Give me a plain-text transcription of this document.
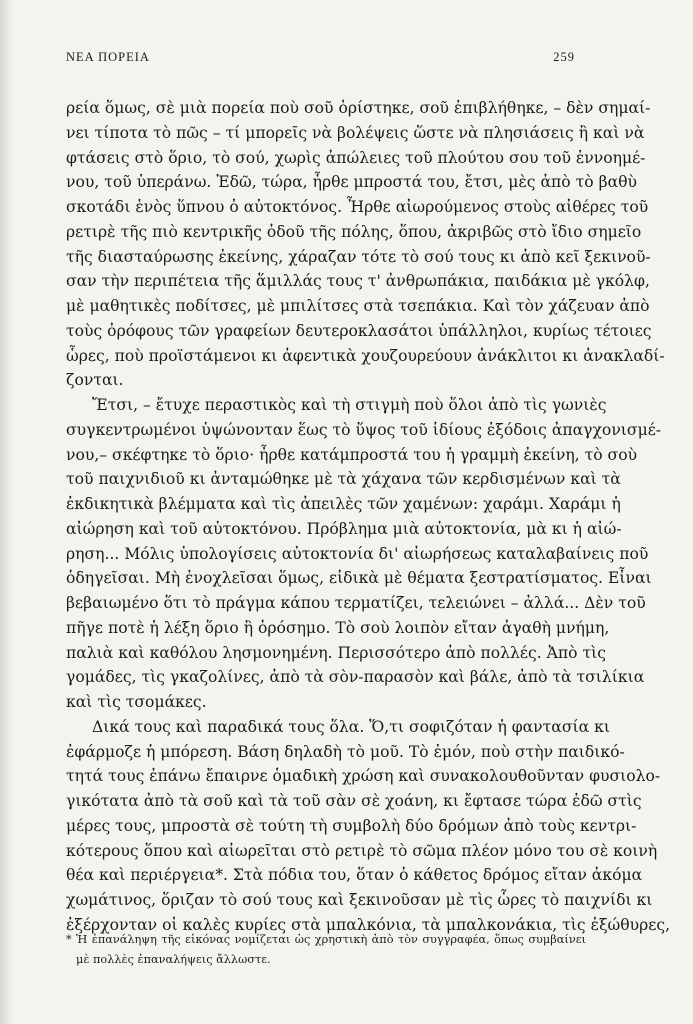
ΝΕΑ ΠΟΡΕΙΑ	259
ρεία ὅμως, σὲ μιὰ πορεία ποὺ σοῦ ὁρίστηκε, σοῦ ἐπιβλήθηκε, – δὲν σημαί-
νει τίποτα τὸ πῶς – τί μπορεῖς νὰ βολέψεις ὥστε νὰ πλησιάσεις ἢ καὶ νὰ
φτάσεις στὸ ὅριο, τὸ σού, χωρὶς ἀπώλειες τοῦ πλούτου σου τοῦ ἐννοημέ-
νου, τοῦ ὑπεράνω. Ἐδῶ, τώρα, ἦρθε μπροστά του, ἔτσι, μὲς ἀπὸ τὸ βαθὺ
σκοτάδι ἑνὸς ὕπνου ὁ αὐτοκτόνος. Ἦρθε αἰωρούμενος στοὺς αἰθέρες τοῦ
ρετιρὲ τῆς πιὸ κεντρικῆς ὁδοῦ τῆς πόλης, ὅπου, ἀκριβῶς στὸ ἴδιο σημεῖο
τῆς διασταύρωσης ἐκείνης, χάραζαν τότε τὸ σού τους κι ἀπὸ κεῖ ξεκινοῦ-
σαν τὴν περιπέτεια τῆς ἅμιλλάς τους τ' ἀνθρωπάκια, παιδάκια μὲ γκόλφ,
μὲ μαθητικὲς ποδίτσες, μὲ μπιλίτσες στὰ τσεπάκια. Καὶ τὸν χάζευαν ἀπὸ
τοὺς ὀρόφους τῶν γραφείων δευτεροκλασάτοι ὑπάλληλοι, κυρίως τέτοιες
ὧρες, ποὺ προϊστάμενοι κι ἀφεντικὰ χουζουρεύουν ἀνάκλιτοι κι ἀνακλαδί-
ζονται.
Ἔτσι, – ἔτυχε περαστικὸς καὶ τὴ στιγμὴ ποὺ ὅλοι ἀπὸ τὶς γωνιὲς
συγκεντρωμένοι ὑψώνονταν ἕως τὸ ὕψος τοῦ ἰδίους ἐξόδοις ἀπαγχονισμέ-
νου,– σκέφτηκε τὸ ὅριο· ἦρθε κατάμπροστά του ἡ γραμμὴ ἐκείνη, τὸ σοὺ
τοῦ παιχνιδιοῦ κι ἀνταμώθηκε μὲ τὰ χάχανα τῶν κερδισμένων καὶ τὰ
ἐκδικητικὰ βλέμματα καὶ τὶς ἀπειλὲς τῶν χαμένων: χαράμι. Χαράμι ἡ
αἰώρηση καὶ τοῦ αὐτοκτόνου. Πρόβλημα μιὰ αὐτοκτονία, μὰ κι ἡ αἰώ-
ρηση... Μόλις ὑπολογίσεις αὐτοκτονία δι' αἰωρήσεως καταλαβαίνεις ποῦ
ὁδηγεῖσαι. Μὴ ἐνοχλεῖσαι ὅμως, εἰδικὰ μὲ θέματα ξεστρατίσματος. Εἶναι
βεβαιωμένο ὅτι τὸ πράγμα κάπου τερματίζει, τελειώνει – ἀλλά... Δὲν τοῦ
πῆγε ποτὲ ἡ λέξη ὅριο ἢ ὁρόσημο. Τὸ σοὺ λοιπὸν εἴταν ἀγαθὴ μνήμη,
παλιὰ καὶ καθόλου λησμονημένη. Περισσότερο ἀπὸ πολλές. Ἀπὸ τὶς
γομάδες, τὶς γκαζολίνες, ἀπὸ τὰ σὸν-παρασὸν καὶ βάλε, ἀπὸ τὰ τσιλίκια
καὶ τὶς τσομάκες.
Δικά τους καὶ παραδικά τους ὅλα. Ὅ,τι σοφιζόταν ἡ φαντασία κι
ἐφάρμοζε ἡ μπόρεση. Βάση δηλαδὴ τὸ μοῦ. Τὸ ἐμόν, ποὺ στὴν παιδικό-
τητά τους ἐπάνω ἔπαιρνε ὁμαδικὴ χρώση καὶ συνακολουθοῦνταν φυσιολο-
γικότατα ἀπὸ τὰ σοῦ καὶ τὰ τοῦ σὰν σὲ χοάνη, κι ἔφτασε τώρα ἐδῶ στὶς
μέρες τους, μπροστὰ σὲ τούτη τὴ συμβολὴ δύο δρόμων ἀπὸ τοὺς κεντρι-
κότερους ὅπου καὶ αἰωρεῖται στὸ ρετιρὲ τὸ σῶμα πλέον μόνο του σὲ κοινὴ
θέα καὶ περιέργεια*. Στὰ πόδια του, ὅταν ὁ κάθετος δρόμος εἴταν ἀκόμα
χωμάτινος, ὅριζαν τὸ σού τους καὶ ξεκινοῦσαν μὲ τὶς ὧρες τὸ παιχνίδι κι
ἐξέρχονταν οἱ καλὲς κυρίες στὰ μπαλκόνια, τὰ μπαλκονάκια, τὶς ἐξώθυρες,
* Ἡ ἐπανάληψη τῆς εἰκόνας νομίζεται ὡς χρηστικὴ ἀπὸ τὸν συγγραφέα, ὅπως συμβαίνει
μὲ πολλὲς ἐπαναλήψεις ἄλλωστε.
